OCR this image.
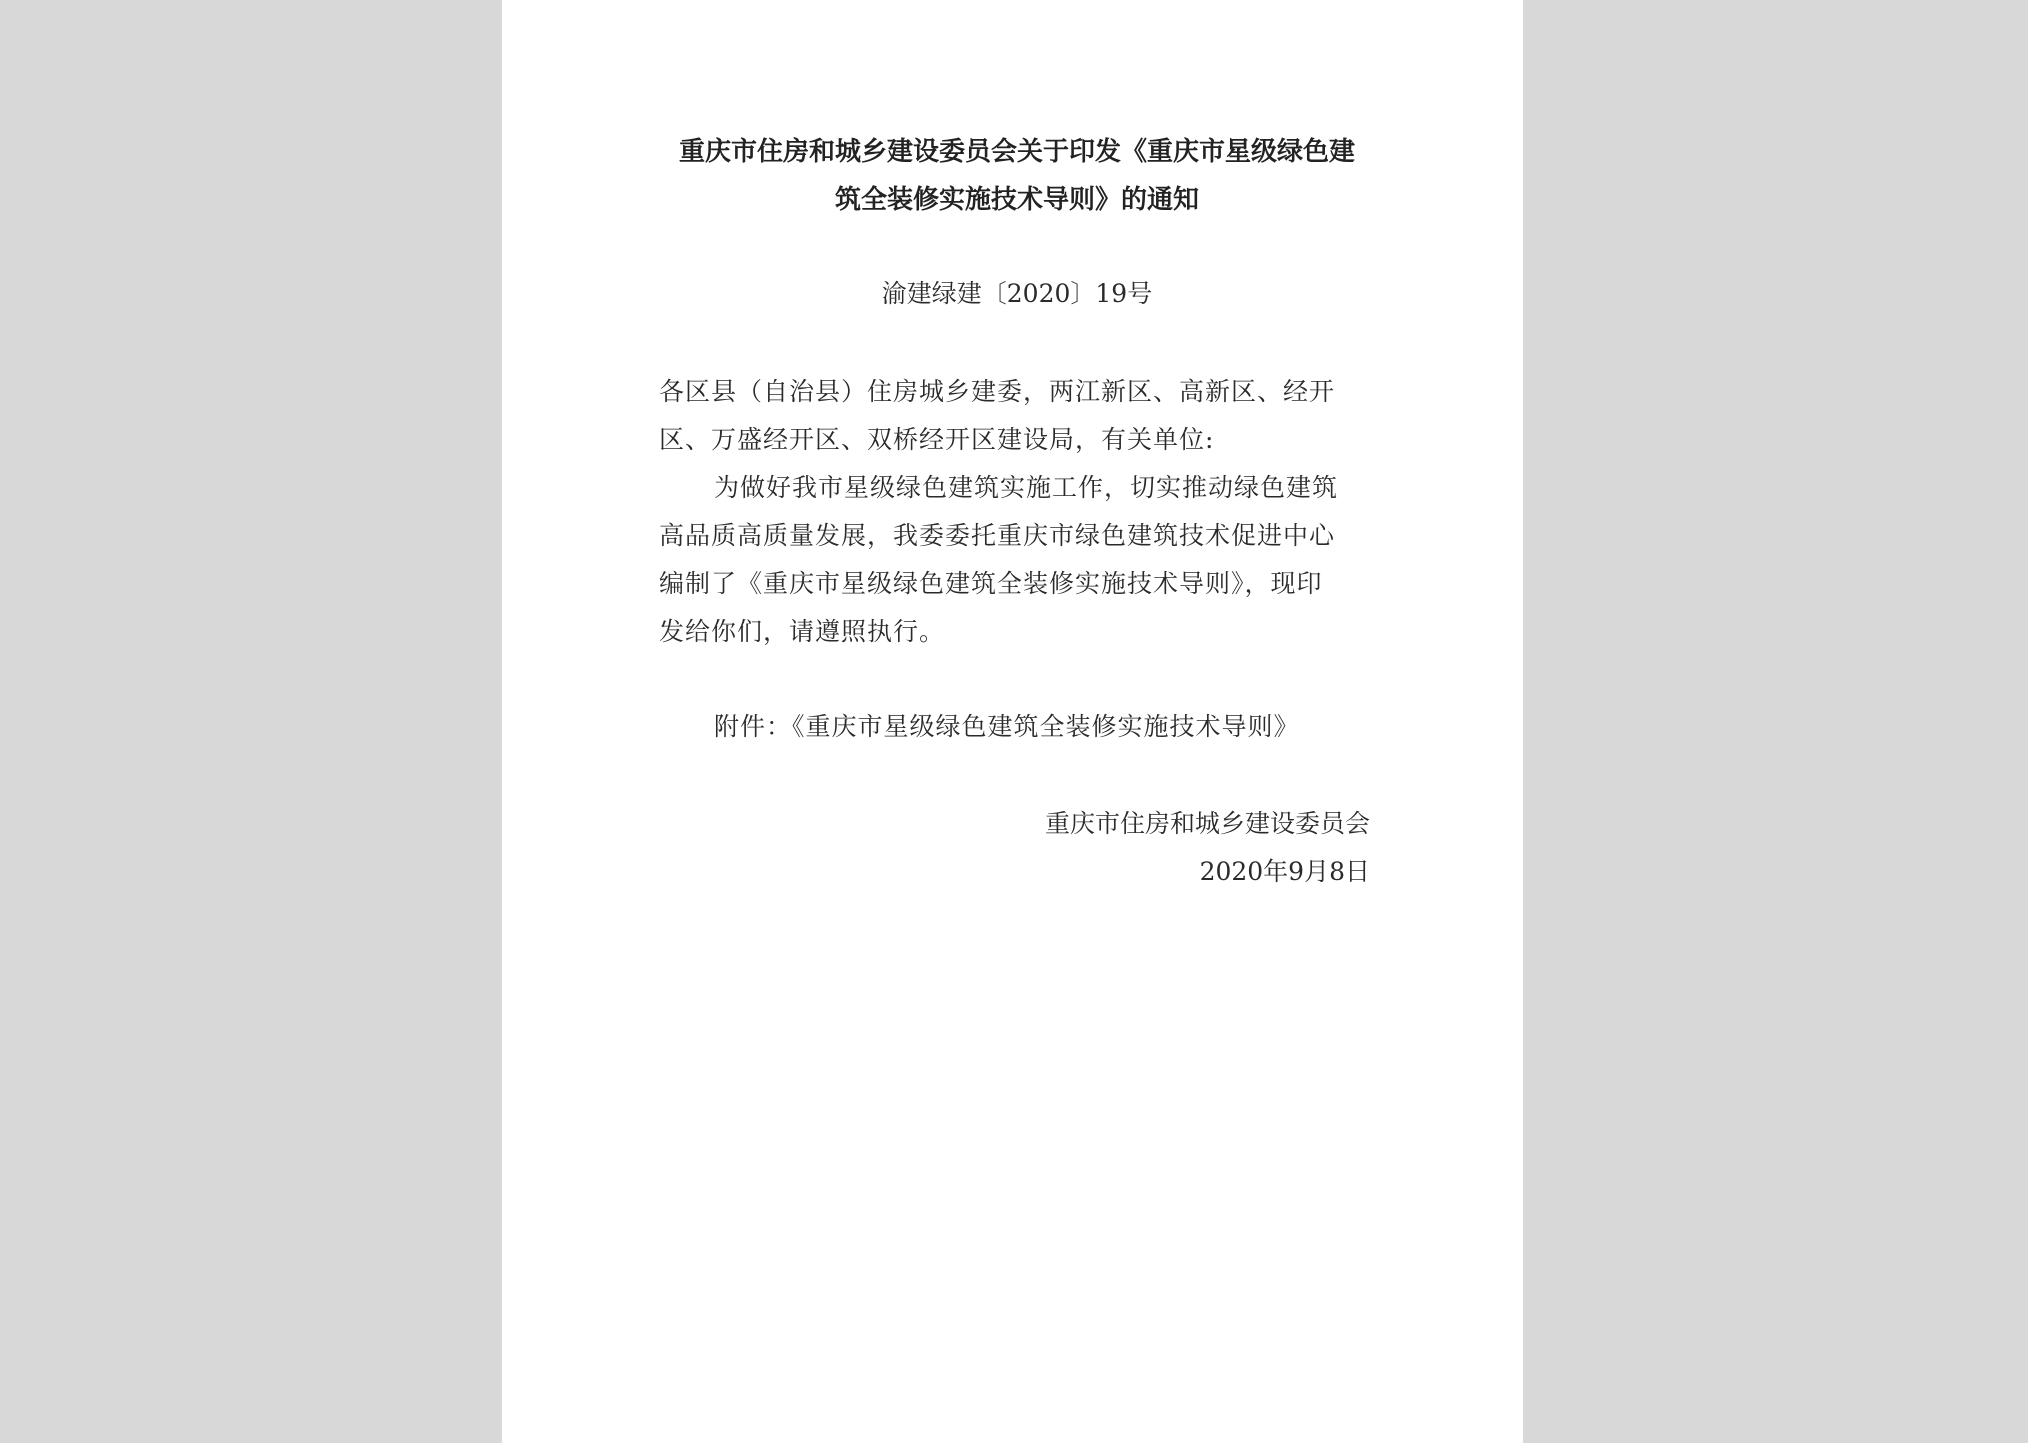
重庆市住房和城乡建设委员会关于印发《重庆市星级绿色建
筑全装修实施技术导则》的通知
渝建绿建〔2020〕19号
各区县（自治县）住房城乡建委，两江新区、高新区、经开
区、万盛经开区、双桥经开区建设局，有关单位:
为做好我市星级绿色建筑实施工作，切实推动绿色建筑
高品质高质量发展，我委委托重庆市绿色建筑技术促进中心
编制了《重庆市星级绿色建筑全装修实施技术导则》，现印
发给你们，请遵照执行。
附件：《重庆市星级绿色建筑全装修实施技术导则》
重庆市住房和城乡建设委员会
2020年9月8日
